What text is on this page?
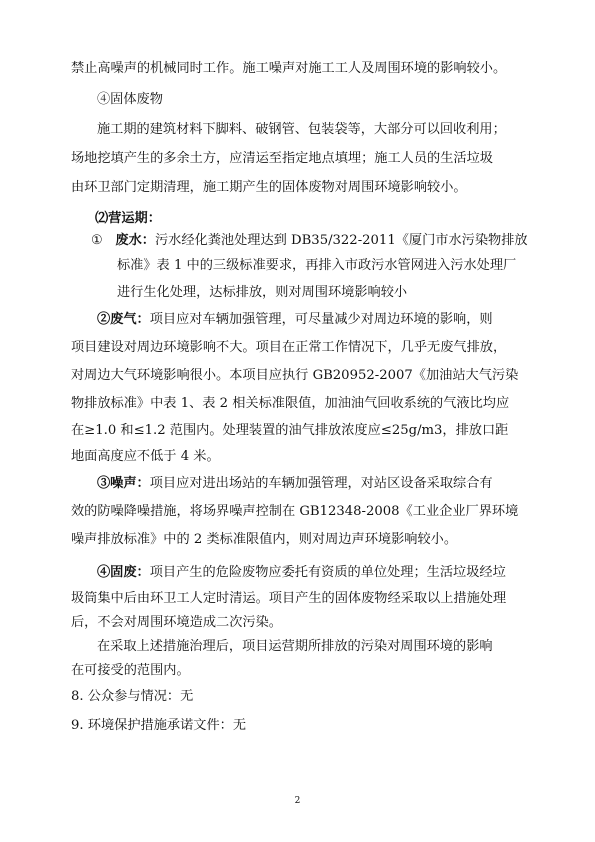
禁止高噪声的机械同时工作。施工噪声对施工工人及周围环境的影响较小。
④固体废物
施工期的建筑材料下脚料、破钢管、包装袋等，大部分可以回收利用；
场地挖填产生的多余土方，应清运至指定地点填埋；施工人员的生活垃圾
由环卫部门定期清理，施工期产生的固体废物对周围环境影响较小。
⑵营运期：
① 废水：污水经化粪池处理达到 DB35/322-2011《厦门市水污染物排放
标准》表 1 中的三级标准要求，再排入市政污水管网进入污水处理厂
进行生化处理，达标排放，则对周围环境影响较小
②废气：项目应对车辆加强管理，可尽量减少对周边环境的影响，则
项目建设对周边环境影响不大。项目在正常工作情况下，几乎无废气排放，
对周边大气环境影响很小。本项目应执行 GB20952-2007《加油站大气污染
物排放标准》中表 1、表 2 相关标准限值，加油油气回收系统的气液比均应
在≥1.0 和≤1.2 范围内。处理装置的油气排放浓度应≤25g/m3，排放口距
地面高度应不低于 4 米。
③噪声：项目应对进出场站的车辆加强管理，对站区设备采取综合有
效的防噪降噪措施，将场界噪声控制在 GB12348-2008《工业企业厂界环境
噪声排放标准》中的 2 类标准限值内，则对周边声环境影响较小。
④固废：项目产生的危险废物应委托有资质的单位处理；生活垃圾经垃
圾筒集中后由环卫工人定时清运。项目产生的固体废物经采取以上措施处理
后，不会对周围环境造成二次污染。
在采取上述措施治理后，项目运营期所排放的污染对周围环境的影响
在可接受的范围内。
8. 公众参与情况：无
9. 环境保护措施承诺文件：无
2
